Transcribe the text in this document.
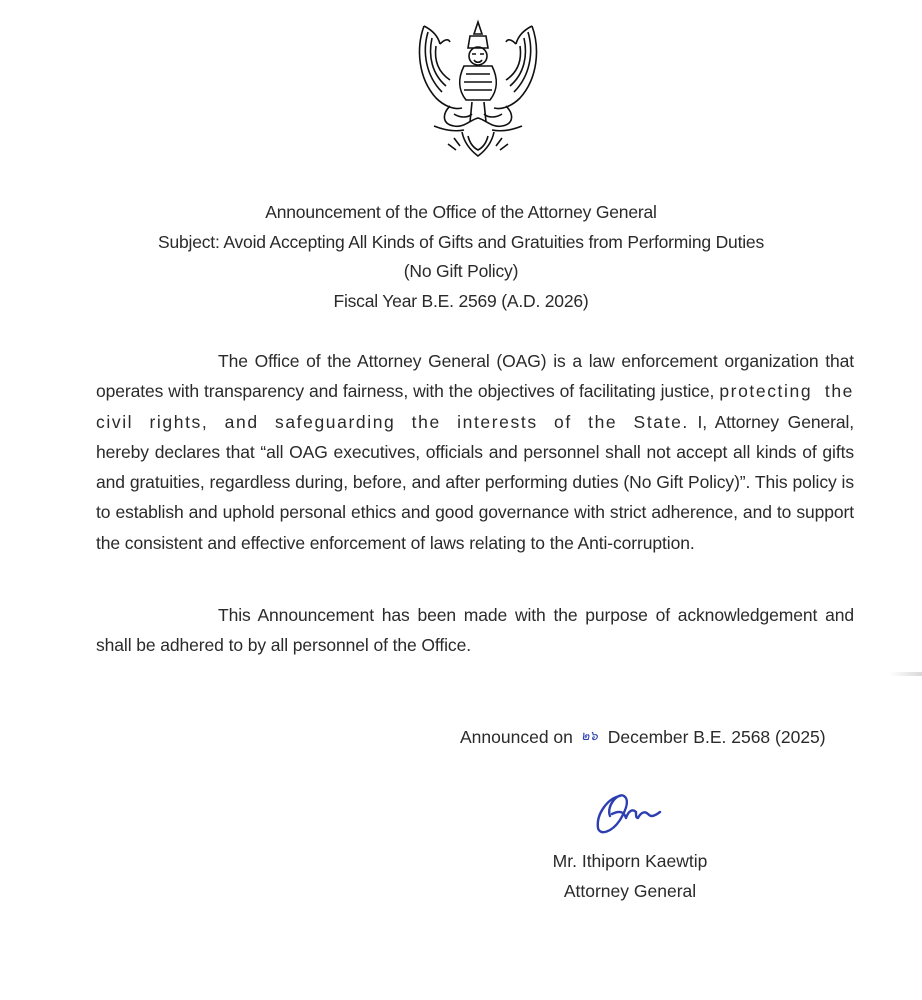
Announcement of the Office of the Attorney General
Subject: Avoid Accepting All Kinds of Gifts and Gratuities from Performing Duties
(No Gift Policy)
Fiscal Year B.E. 2569 (A.D. 2026)
The Office of the Attorney General (OAG) is a law enforcement organization that operates with transparency and fairness, with the objectives of facilitating justice, protecting the civil rights, and safeguarding the interests of the State. I, Attorney General, hereby declares that “all OAG executives, officials and personnel shall not accept all kinds of gifts and gratuities, regardless during, before, and after performing duties (No Gift Policy)”. This policy is to establish and uphold personal ethics and good governance with strict adherence, and to support the consistent and effective enforcement of laws relating to the Anti-corruption.
This Announcement has been made with the purpose of acknowledgement and shall be adhered to by all personnel of the Office.
Announced on ๒๖ December B.E. 2568 (2025)
Mr. Ithiporn Kaewtip
Attorney General
